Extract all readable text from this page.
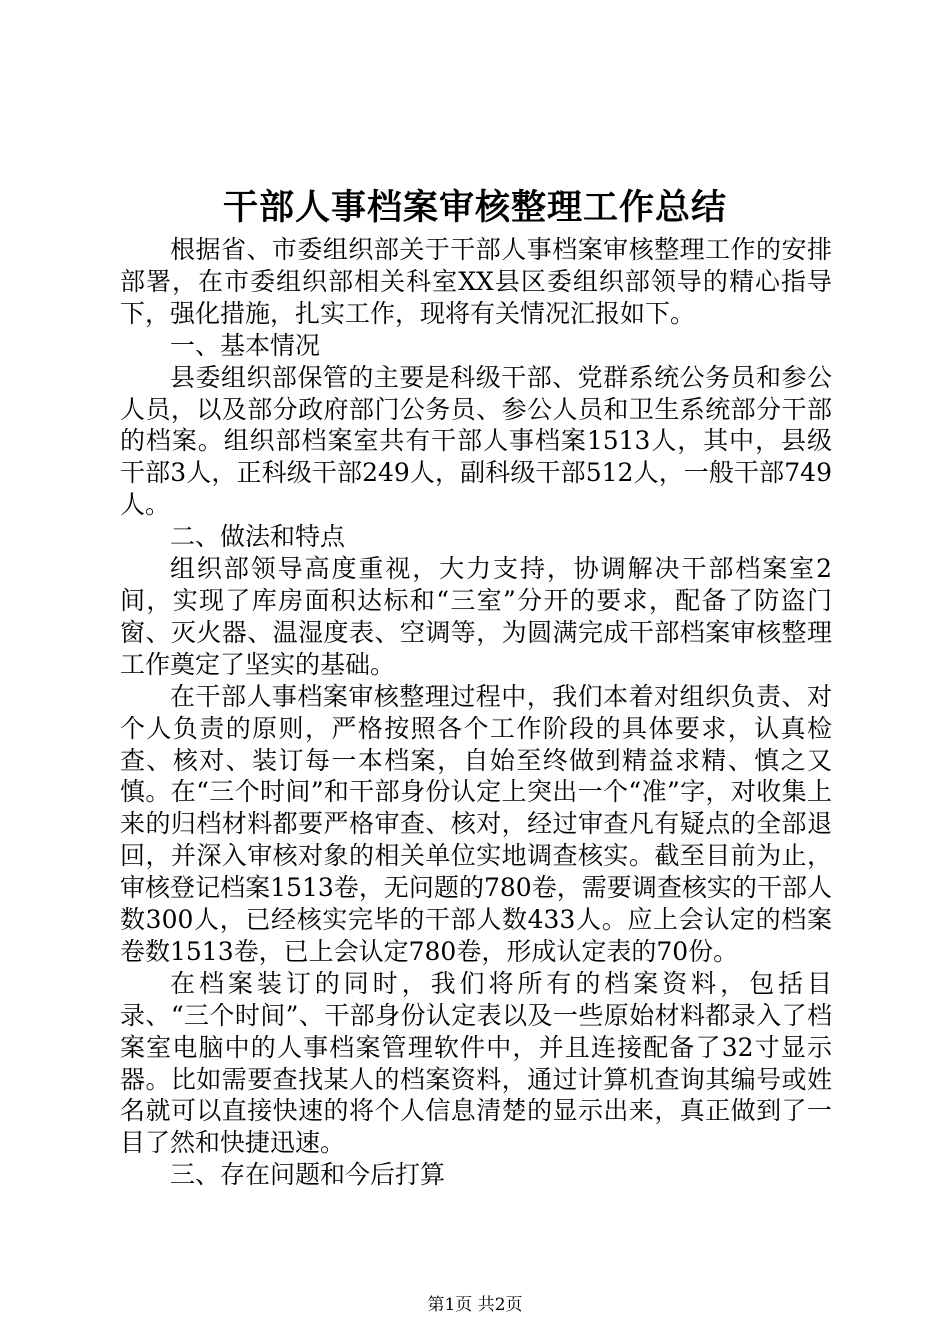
干部人事档案审核整理工作总结

根据省、市委组织部关于干部人事档案审核整理工作的安排部署，在市委组织部相关科室XX县区委组织部领导的精心指导下，强化措施，扎实工作，现将有关情况汇报如下。

一、基本情况

县委组织部保管的主要是科级干部、党群系统公务员和参公人员，以及部分政府部门公务员、参公人员和卫生系统部分干部的档案。组织部档案室共有干部人事档案1513人，其中，县级干部3人，正科级干部249人，副科级干部512人，一般干部749人。

二、做法和特点

组织部领导高度重视，大力支持，协调解决干部档案室2间，实现了库房面积达标和“三室”分开的要求，配备了防盗门窗、灭火器、温湿度表、空调等，为圆满完成干部档案审核整理工作奠定了坚实的基础。

在干部人事档案审核整理过程中，我们本着对组织负责、对个人负责的原则，严格按照各个工作阶段的具体要求，认真检查、核对、装订每一本档案，自始至终做到精益求精、慎之又慎。在“三个时间”和干部身份认定上突出一个“准”字，对收集上来的归档材料都要严格审查、核对，经过审查凡有疑点的全部退回，并深入审核对象的相关单位实地调查核实。截至目前为止，审核登记档案1513卷，无问题的780卷，需要调查核实的干部人数300人，已经核实完毕的干部人数433人。应上会认定的档案卷数1513卷，已上会认定780卷，形成认定表的70份。

在档案装订的同时，我们将所有的档案资料，包括目录、“三个时间”、干部身份认定表以及一些原始材料都录入了档案室电脑中的人事档案管理软件中，并且连接配备了32寸显示器。比如需要查找某人的档案资料，通过计算机查询其编号或姓名就可以直接快速的将个人信息清楚的显示出来，真正做到了一目了然和快捷迅速。

三、存在问题和今后打算

第1页 共2页
